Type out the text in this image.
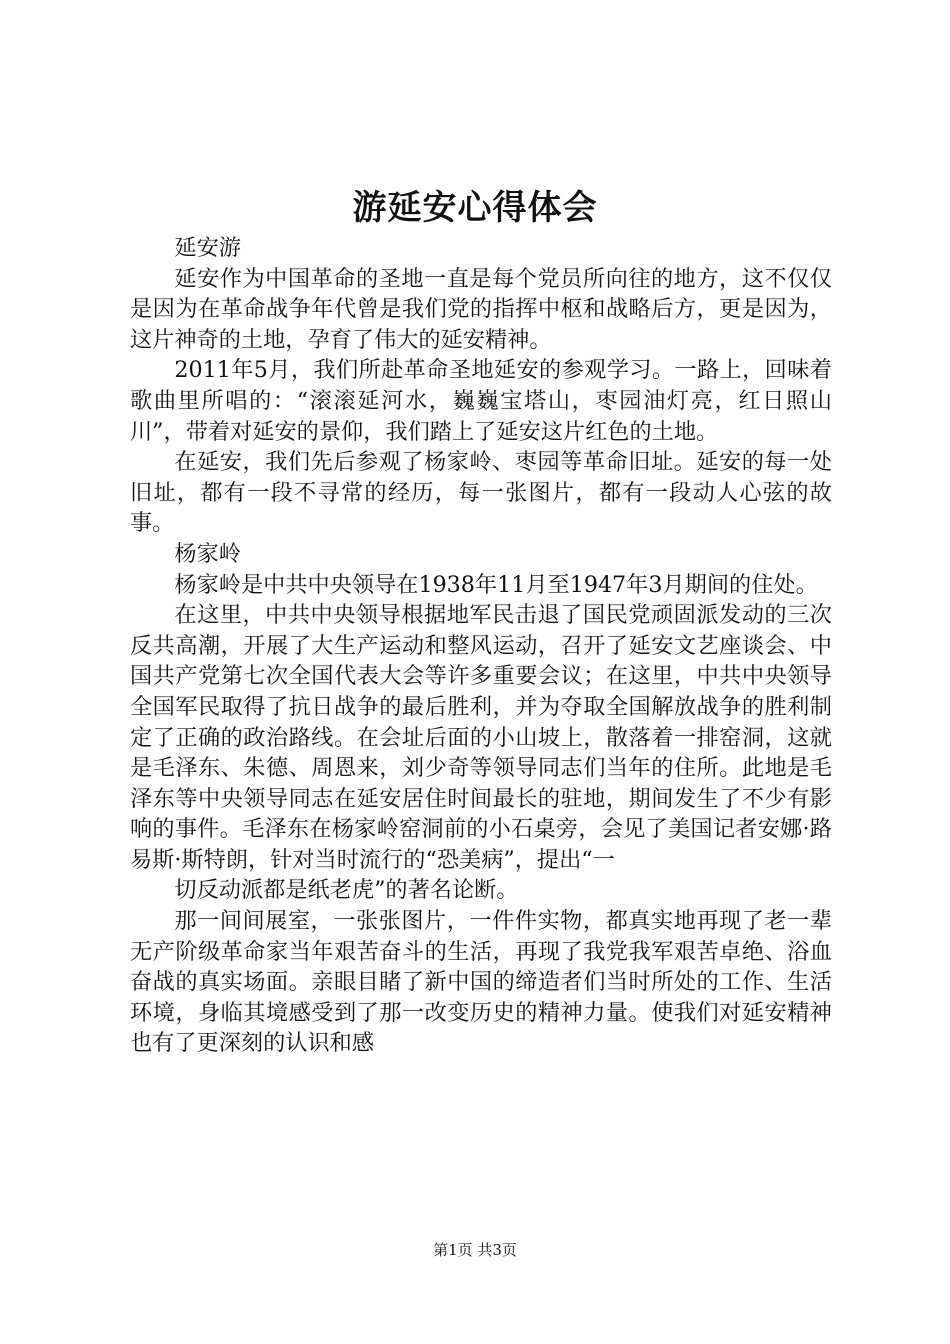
游延安心得体会

延安游

延安作为中国革命的圣地一直是每个党员所向往的地方，这不仅仅是因为在革命战争年代曾是我们党的指挥中枢和战略后方，更是因为，这片神奇的土地，孕育了伟大的延安精神。

2011年5月，我们所赴革命圣地延安的参观学习。一路上，回味着歌曲里所唱的：“滚滚延河水，巍巍宝塔山，枣园油灯亮，红日照山川”，带着对延安的景仰，我们踏上了延安这片红色的土地。

在延安，我们先后参观了杨家岭、枣园等革命旧址。延安的每一处旧址，都有一段不寻常的经历，每一张图片，都有一段动人心弦的故事。

杨家岭

杨家岭是中共中央领导在1938年11月至1947年3月期间的住处。

在这里，中共中央领导根据地军民击退了国民党顽固派发动的三次反共高潮，开展了大生产运动和整风运动，召开了延安文艺座谈会、中国共产党第七次全国代表大会等许多重要会议；在这里，中共中央领导全国军民取得了抗日战争的最后胜利，并为夺取全国解放战争的胜利制定了正确的政治路线。在会址后面的小山坡上，散落着一排窑洞，这就是毛泽东、朱德、周恩来，刘少奇等领导同志们当年的住所。此地是毛泽东等中央领导同志在延安居住时间最长的驻地，期间发生了不少有影响的事件。毛泽东在杨家岭窑洞前的小石桌旁，会见了美国记者安娜·路易斯·斯特朗，针对当时流行的“恐美病”，提出“一

切反动派都是纸老虎”的著名论断。

那一间间展室，一张张图片，一件件实物，都真实地再现了老一辈无产阶级革命家当年艰苦奋斗的生活，再现了我党我军艰苦卓绝、浴血奋战的真实场面。亲眼目睹了新中国的缔造者们当时所处的工作、生活环境，身临其境感受到了那一改变历史的精神力量。使我们对延安精神也有了更深刻的认识和感

第1页 共3页
